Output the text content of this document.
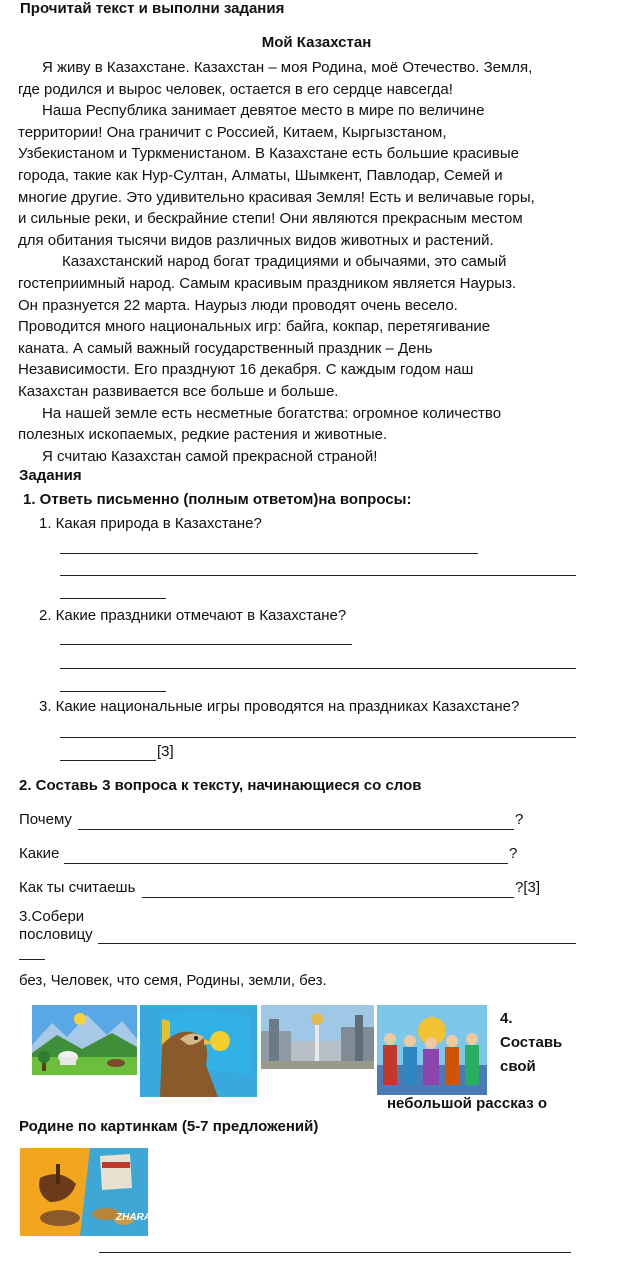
Прочитай текст и выполни задания
Мой Казахстан

Я живу в Казахстане. Казахстан – моя Родина, моё Отечество. Земля,

где родился и вырос человек, остается в его сердце навсегда!

Наша Республика занимает девятое место в мире по величине

территории! Она граничит с Россией, Китаем, Кыргызстаном,

Узбекистаном и Туркменистаном. В Казахстане есть большие красивые

города, такие как Нур-Султан, Алматы, Шымкент, Павлодар, Семей и

многие другие. Это удивительно красивая Земля! Есть и величавые горы,

и сильные реки, и бескрайние степи! Они являются прекрасным местом

для обитания тысячи видов различных видов животных и растений.

Казахстанский народ богат традициями и обычаями, это самый

гостеприимный народ. Самым красивым праздником является Наурыз.

Он празнуется 22 марта. Наурыз люди проводят очень весело.

Проводится много национальных игр: байга, кокпар, перетягивание

каната. А самый важный государственный праздник – День

Независимости. Его празднуют 16 декабря. С каждым годом наш

Казахстан развивается все больше и больше.

На нашей земле есть несметные богатства: огромное количество

полезных ископаемых, редкие растения и животные.

Я считаю Казахстан самой прекрасной страной!

Задания
1. Ответь письменно (полным ответом)на вопросы:
1. Какая природа в Казахстане?
2. Какие праздники отмечают в Казахстане?
3. Какие национальные игры проводятся на праздниках Казахстане?
[3]
2. Составь 3 вопроса к тексту, начинающиеся со слов
Почему	?
Какие	?
Как ты считаешь	?[3]
3.Собери
пословицу
без, Человек, что семя, Родины, земли, без.
4.
Составь
свой
небольшой рассказ о
Родине по картинкам (5-7 предложений)
ZHARAR
